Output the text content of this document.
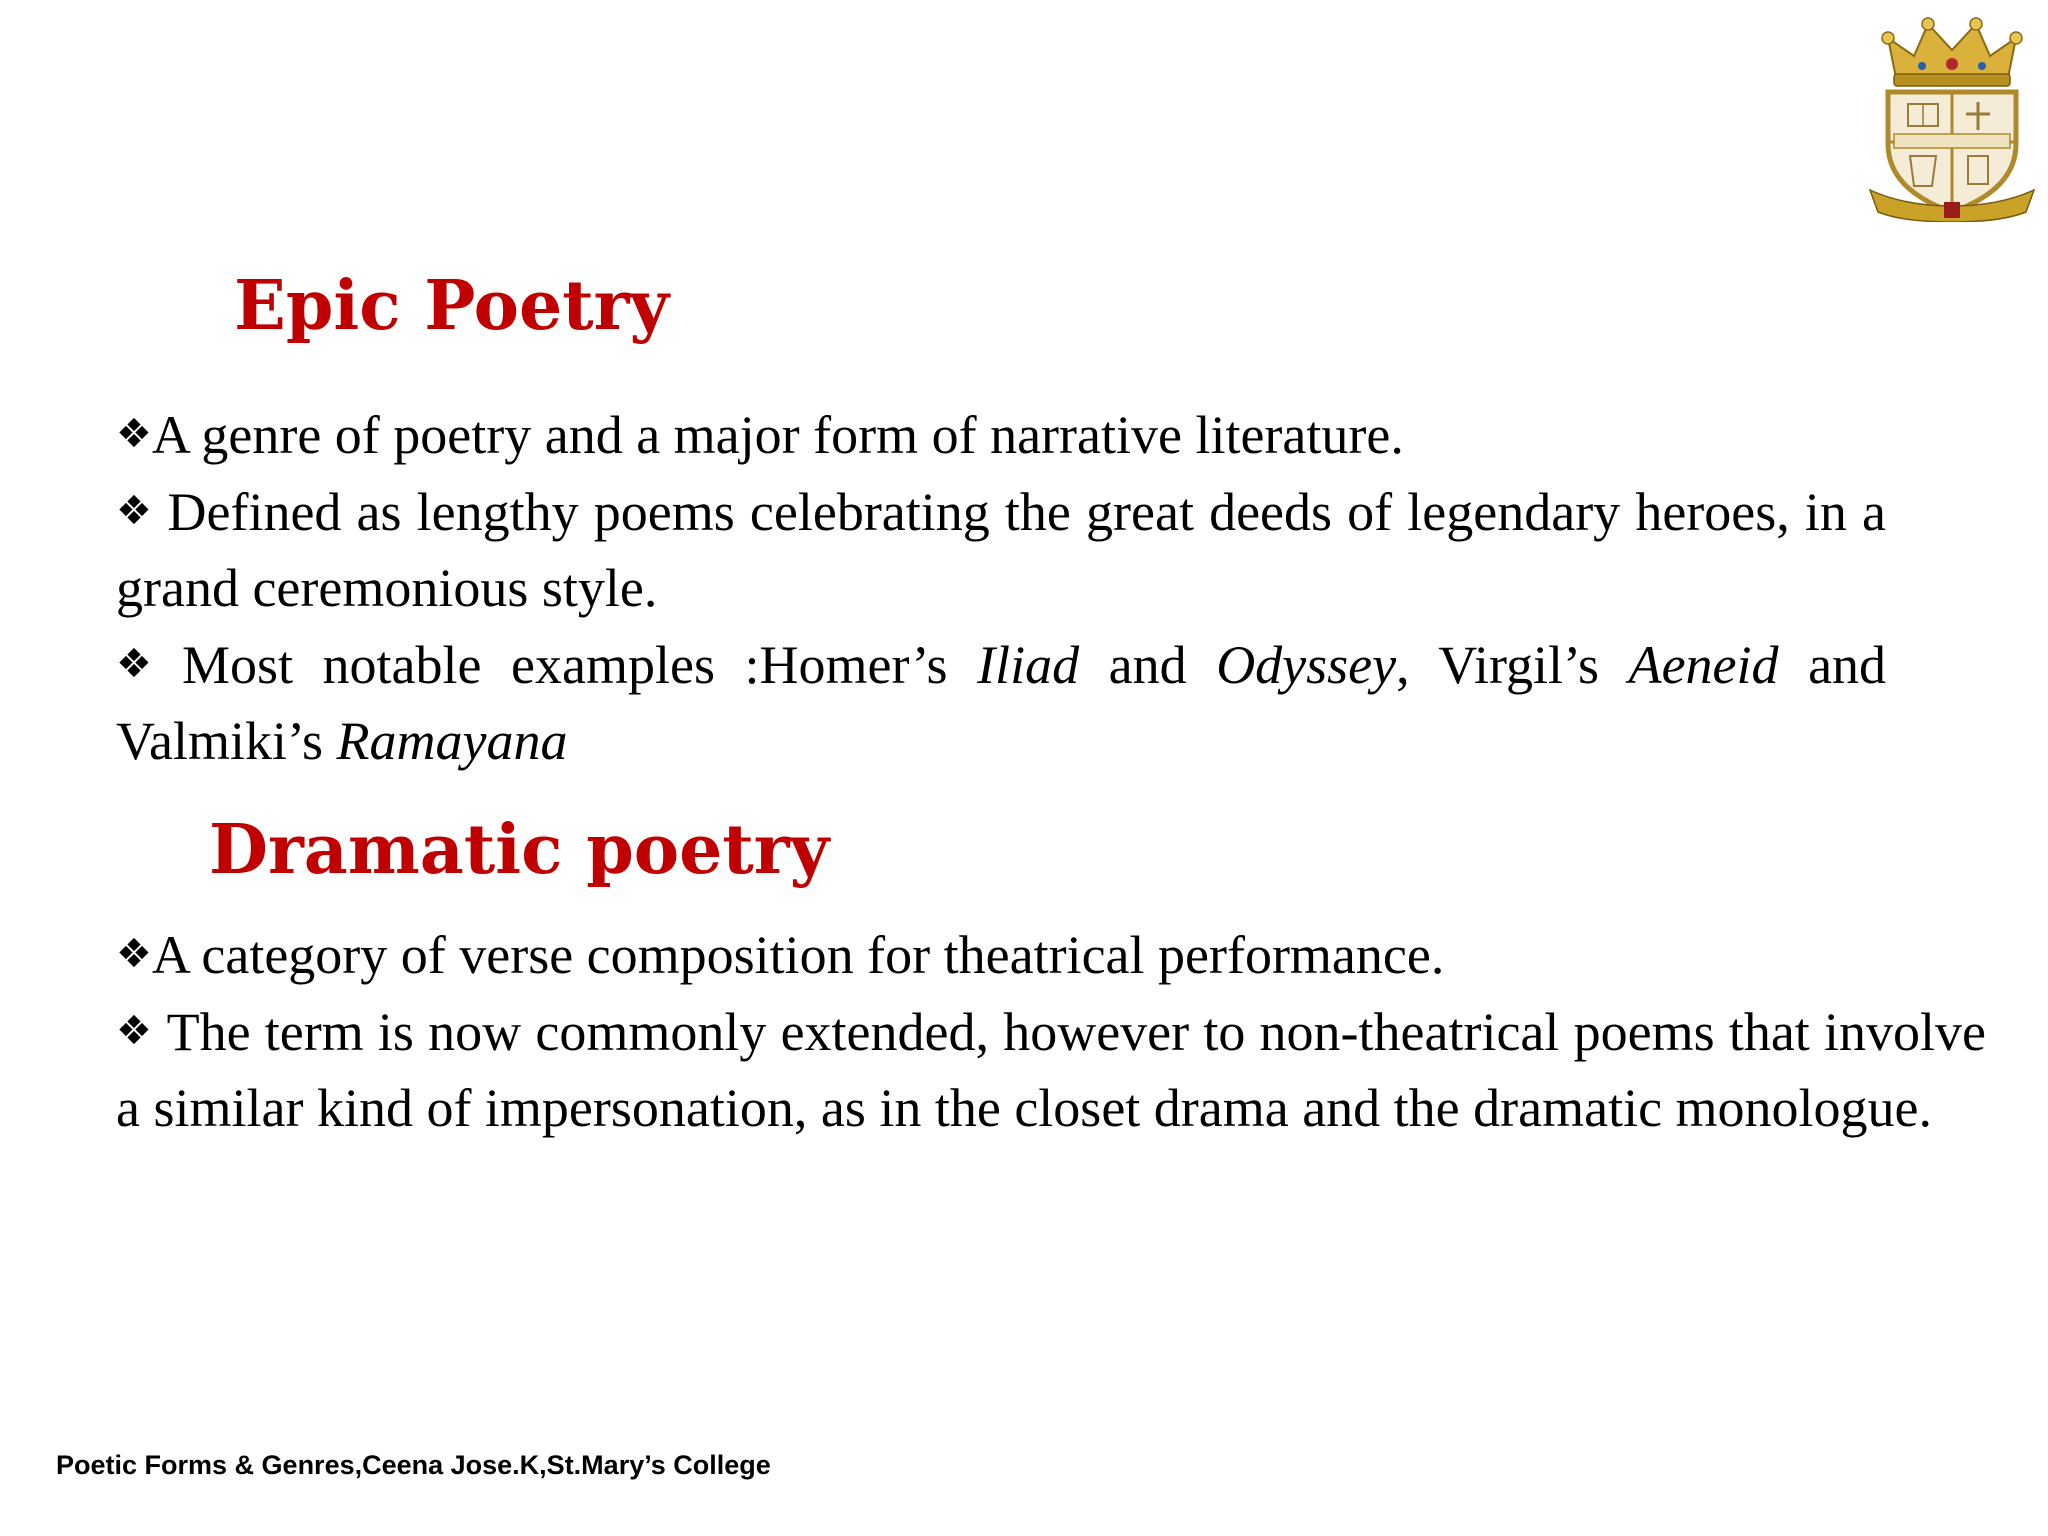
Epic Poetry

❖A genre of poetry and a major form of narrative literature.

❖ Defined as lengthy poems celebrating the great deeds of legendary heroes, in a grand ceremonious style.

❖ Most notable examples :Homer’s Iliad and Odyssey, Virgil’s Aeneid and Valmiki’s Ramayana

Dramatic poetry

❖A category of verse composition for theatrical performance.

❖ The term is now commonly extended, however to non-theatrical poems that involve a similar kind of impersonation, as in the closet drama and the dramatic monologue.

Poetic Forms & Genres,Ceena Jose.K,St.Mary’s College
